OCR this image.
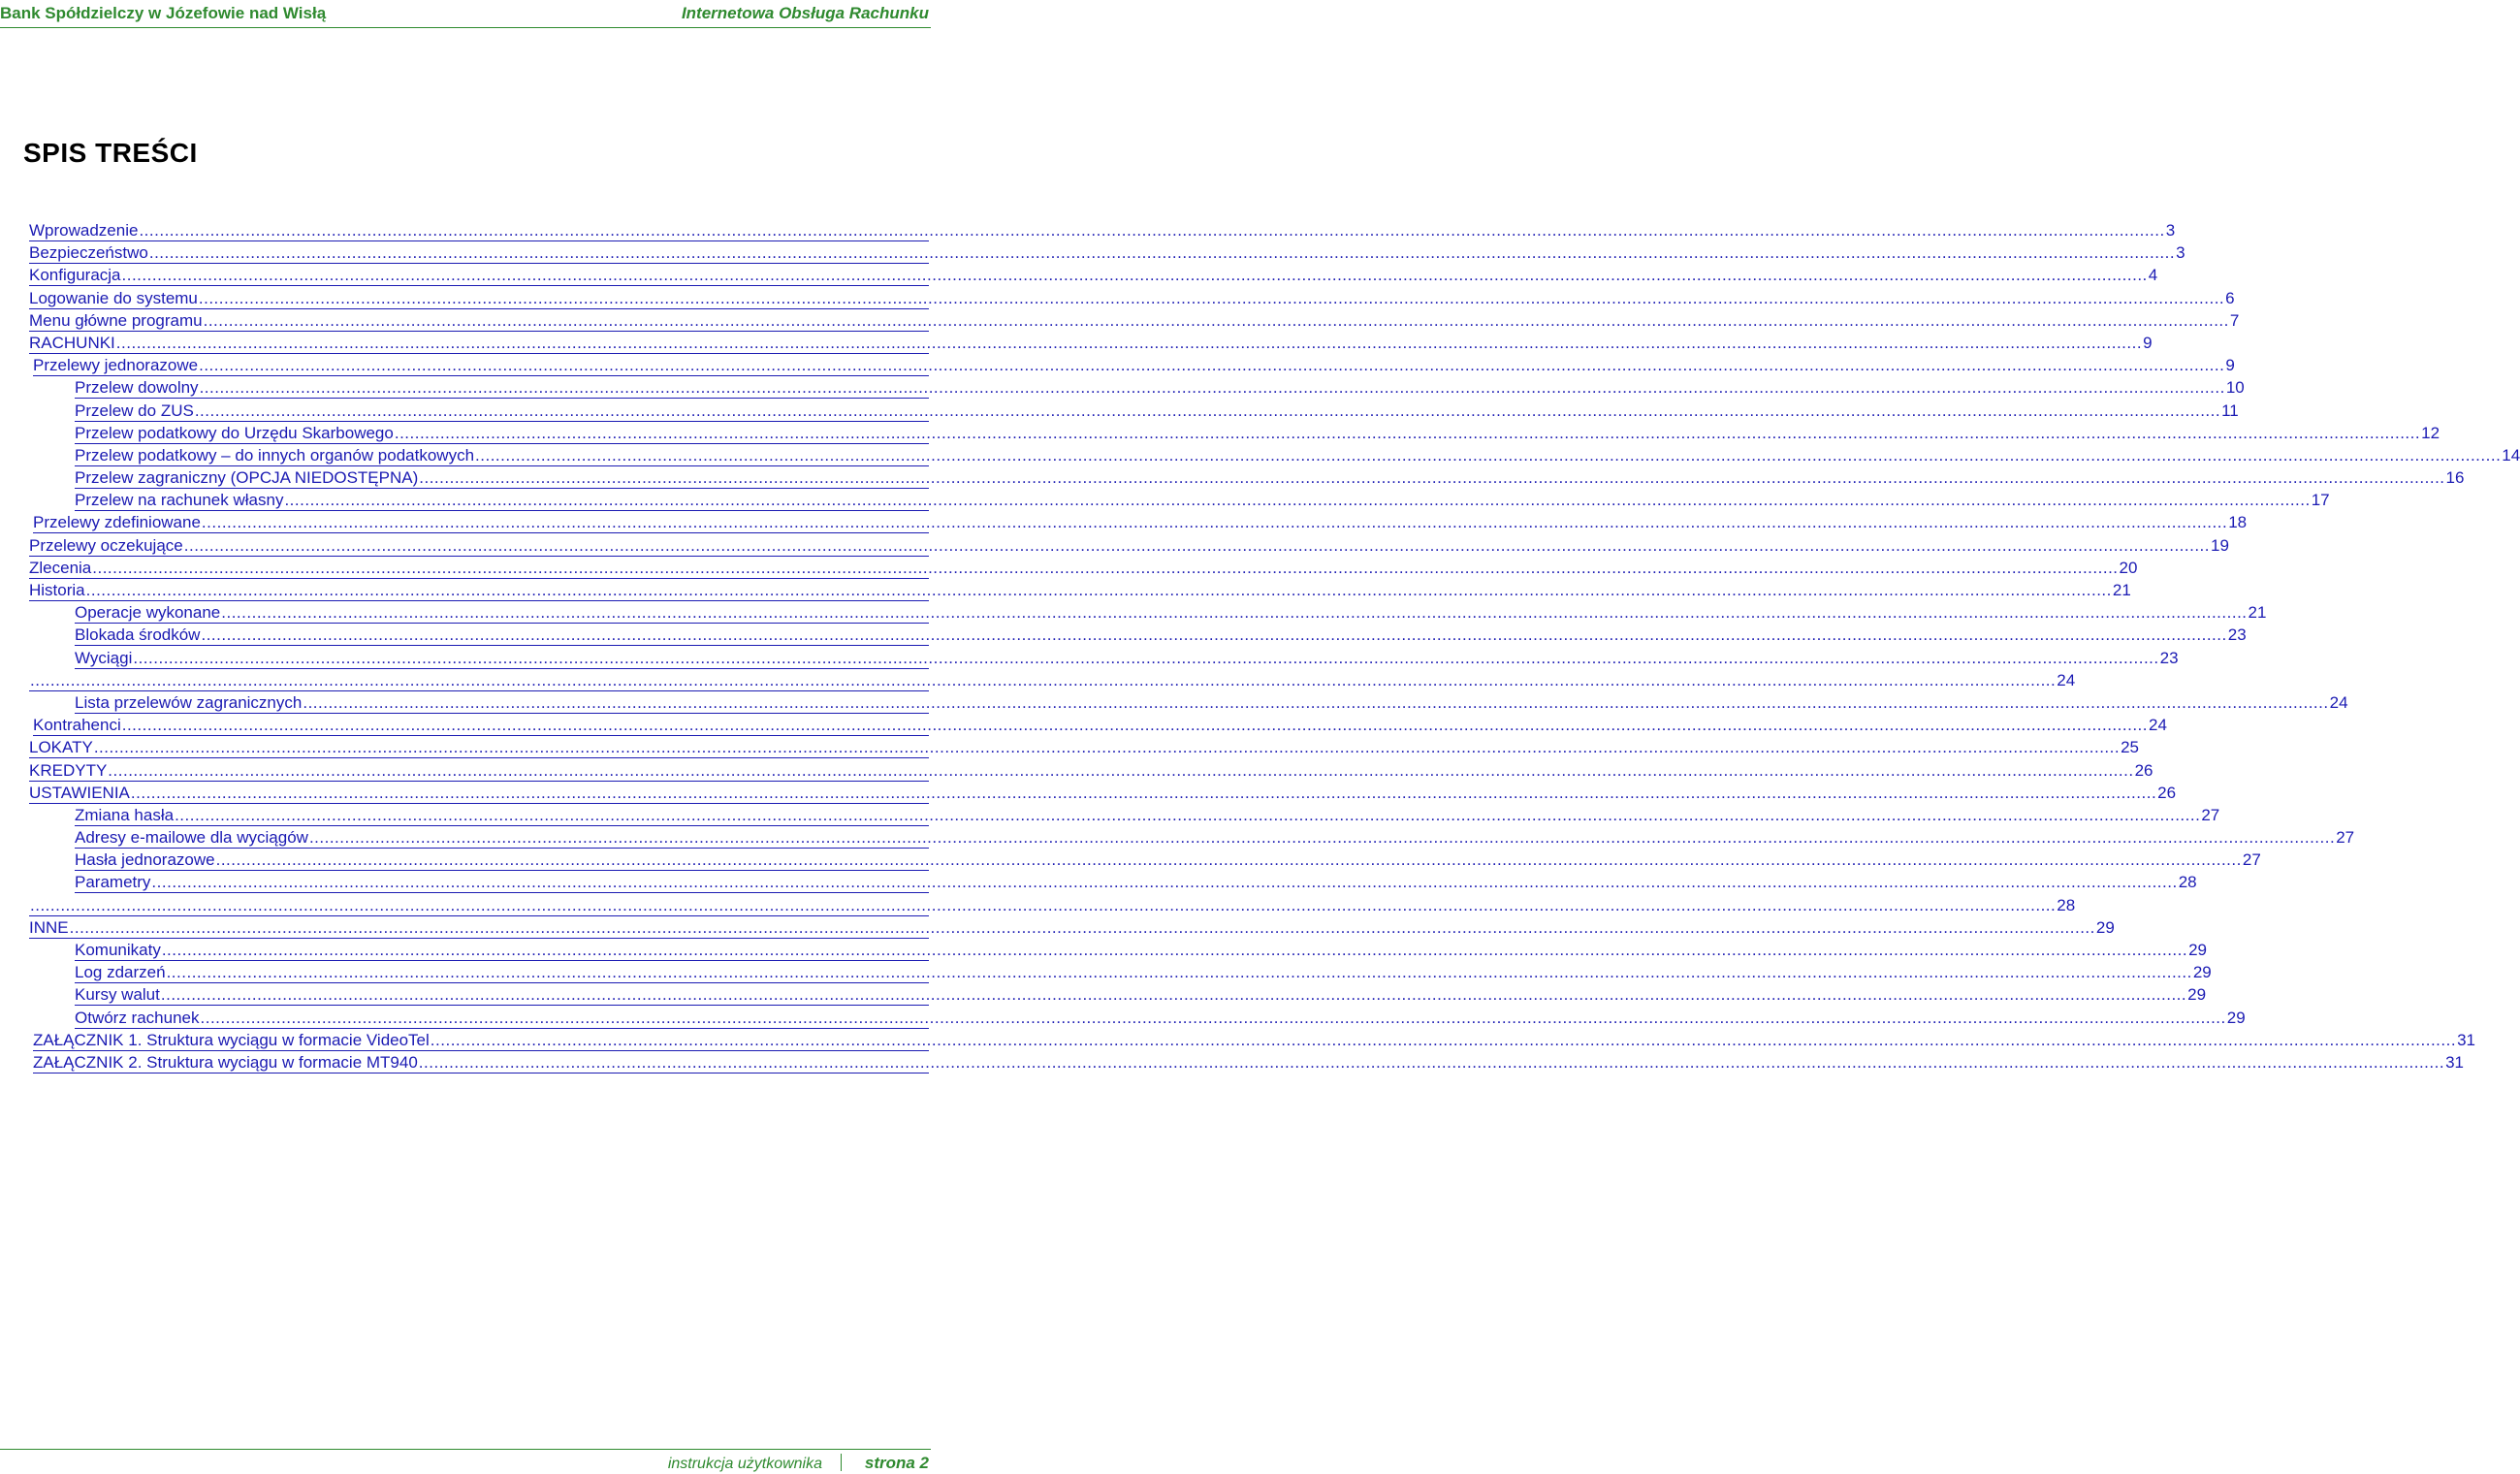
Bank Spółdzielczy w Józefowie nad Wisłą	Internetowa Obsługa Rachunku
SPIS TREŚCI
Wprowadzenie ................................................................................................................................................................................................................................................................................................................................................................................................................ 3
Bezpieczeństwo ................................................................................................................................................................................................................................................................................................................................................................................................................ 3
Konfiguracja ................................................................................................................................................................................................................................................................................................................................................................................................................ 4
Logowanie do systemu ................................................................................................................................................................................................................................................................................................................................................................................................................ 6
Menu główne programu ................................................................................................................................................................................................................................................................................................................................................................................................................ 7
RACHUNKI ................................................................................................................................................................................................................................................................................................................................................................................................................ 9
Przelewy jednorazowe ................................................................................................................................................................................................................................................................................................................................................................................................................ 9
Przelew dowolny ................................................................................................................................................................................................................................................................................................................................................................................................................ 10
Przelew do ZUS ................................................................................................................................................................................................................................................................................................................................................................................................................ 11
Przelew podatkowy do Urzędu Skarbowego ................................................................................................................................................................................................................................................................................................................................................................................................................ 12
Przelew podatkowy – do innych organów podatkowych ................................................................................................................................................................................................................................................................................................................................................................................................................ 14
Przelew zagraniczny (OPCJA NIEDOSTĘPNA) ................................................................................................................................................................................................................................................................................................................................................................................................................ 16
Przelew na rachunek własny ................................................................................................................................................................................................................................................................................................................................................................................................................ 17
Przelewy zdefiniowane ................................................................................................................................................................................................................................................................................................................................................................................................................ 18
Przelewy oczekujące ................................................................................................................................................................................................................................................................................................................................................................................................................ 19
Zlecenia ................................................................................................................................................................................................................................................................................................................................................................................................................ 20
Historia ................................................................................................................................................................................................................................................................................................................................................................................................................ 21
Operacje wykonane ................................................................................................................................................................................................................................................................................................................................................................................................................ 21
Blokada środków ................................................................................................................................................................................................................................................................................................................................................................................................................ 23
Wyciągi ................................................................................................................................................................................................................................................................................................................................................................................................................ 23
................................................................................................................................................................................................................................................................................................................................................................................................................ 24
Lista przelewów zagranicznych ................................................................................................................................................................................................................................................................................................................................................................................................................ 24
Kontrahenci ................................................................................................................................................................................................................................................................................................................................................................................................................ 24
LOKATY ................................................................................................................................................................................................................................................................................................................................................................................................................ 25
KREDYTY ................................................................................................................................................................................................................................................................................................................................................................................................................ 26
USTAWIENIA ................................................................................................................................................................................................................................................................................................................................................................................................................ 26
Zmiana hasła ................................................................................................................................................................................................................................................................................................................................................................................................................ 27
Adresy e-mailowe dla wyciągów ................................................................................................................................................................................................................................................................................................................................................................................................................ 27
Hasła jednorazowe ................................................................................................................................................................................................................................................................................................................................................................................................................ 27
Parametry ................................................................................................................................................................................................................................................................................................................................................................................................................ 28
................................................................................................................................................................................................................................................................................................................................................................................................................ 28
INNE ................................................................................................................................................................................................................................................................................................................................................................................................................ 29
Komunikaty ................................................................................................................................................................................................................................................................................................................................................................................................................ 29
Log zdarzeń ................................................................................................................................................................................................................................................................................................................................................................................................................ 29
Kursy walut ................................................................................................................................................................................................................................................................................................................................................................................................................ 29
Otwórz rachunek ................................................................................................................................................................................................................................................................................................................................................................................................................ 29
ZAŁĄCZNIK 1. Struktura wyciągu w formacie VideoTel ................................................................................................................................................................................................................................................................................................................................................................................................................ 31
ZAŁĄCZNIK 2. Struktura wyciągu w formacie MT940 ................................................................................................................................................................................................................................................................................................................................................................................................................ 31
instrukcja użytkownika	strona 2
